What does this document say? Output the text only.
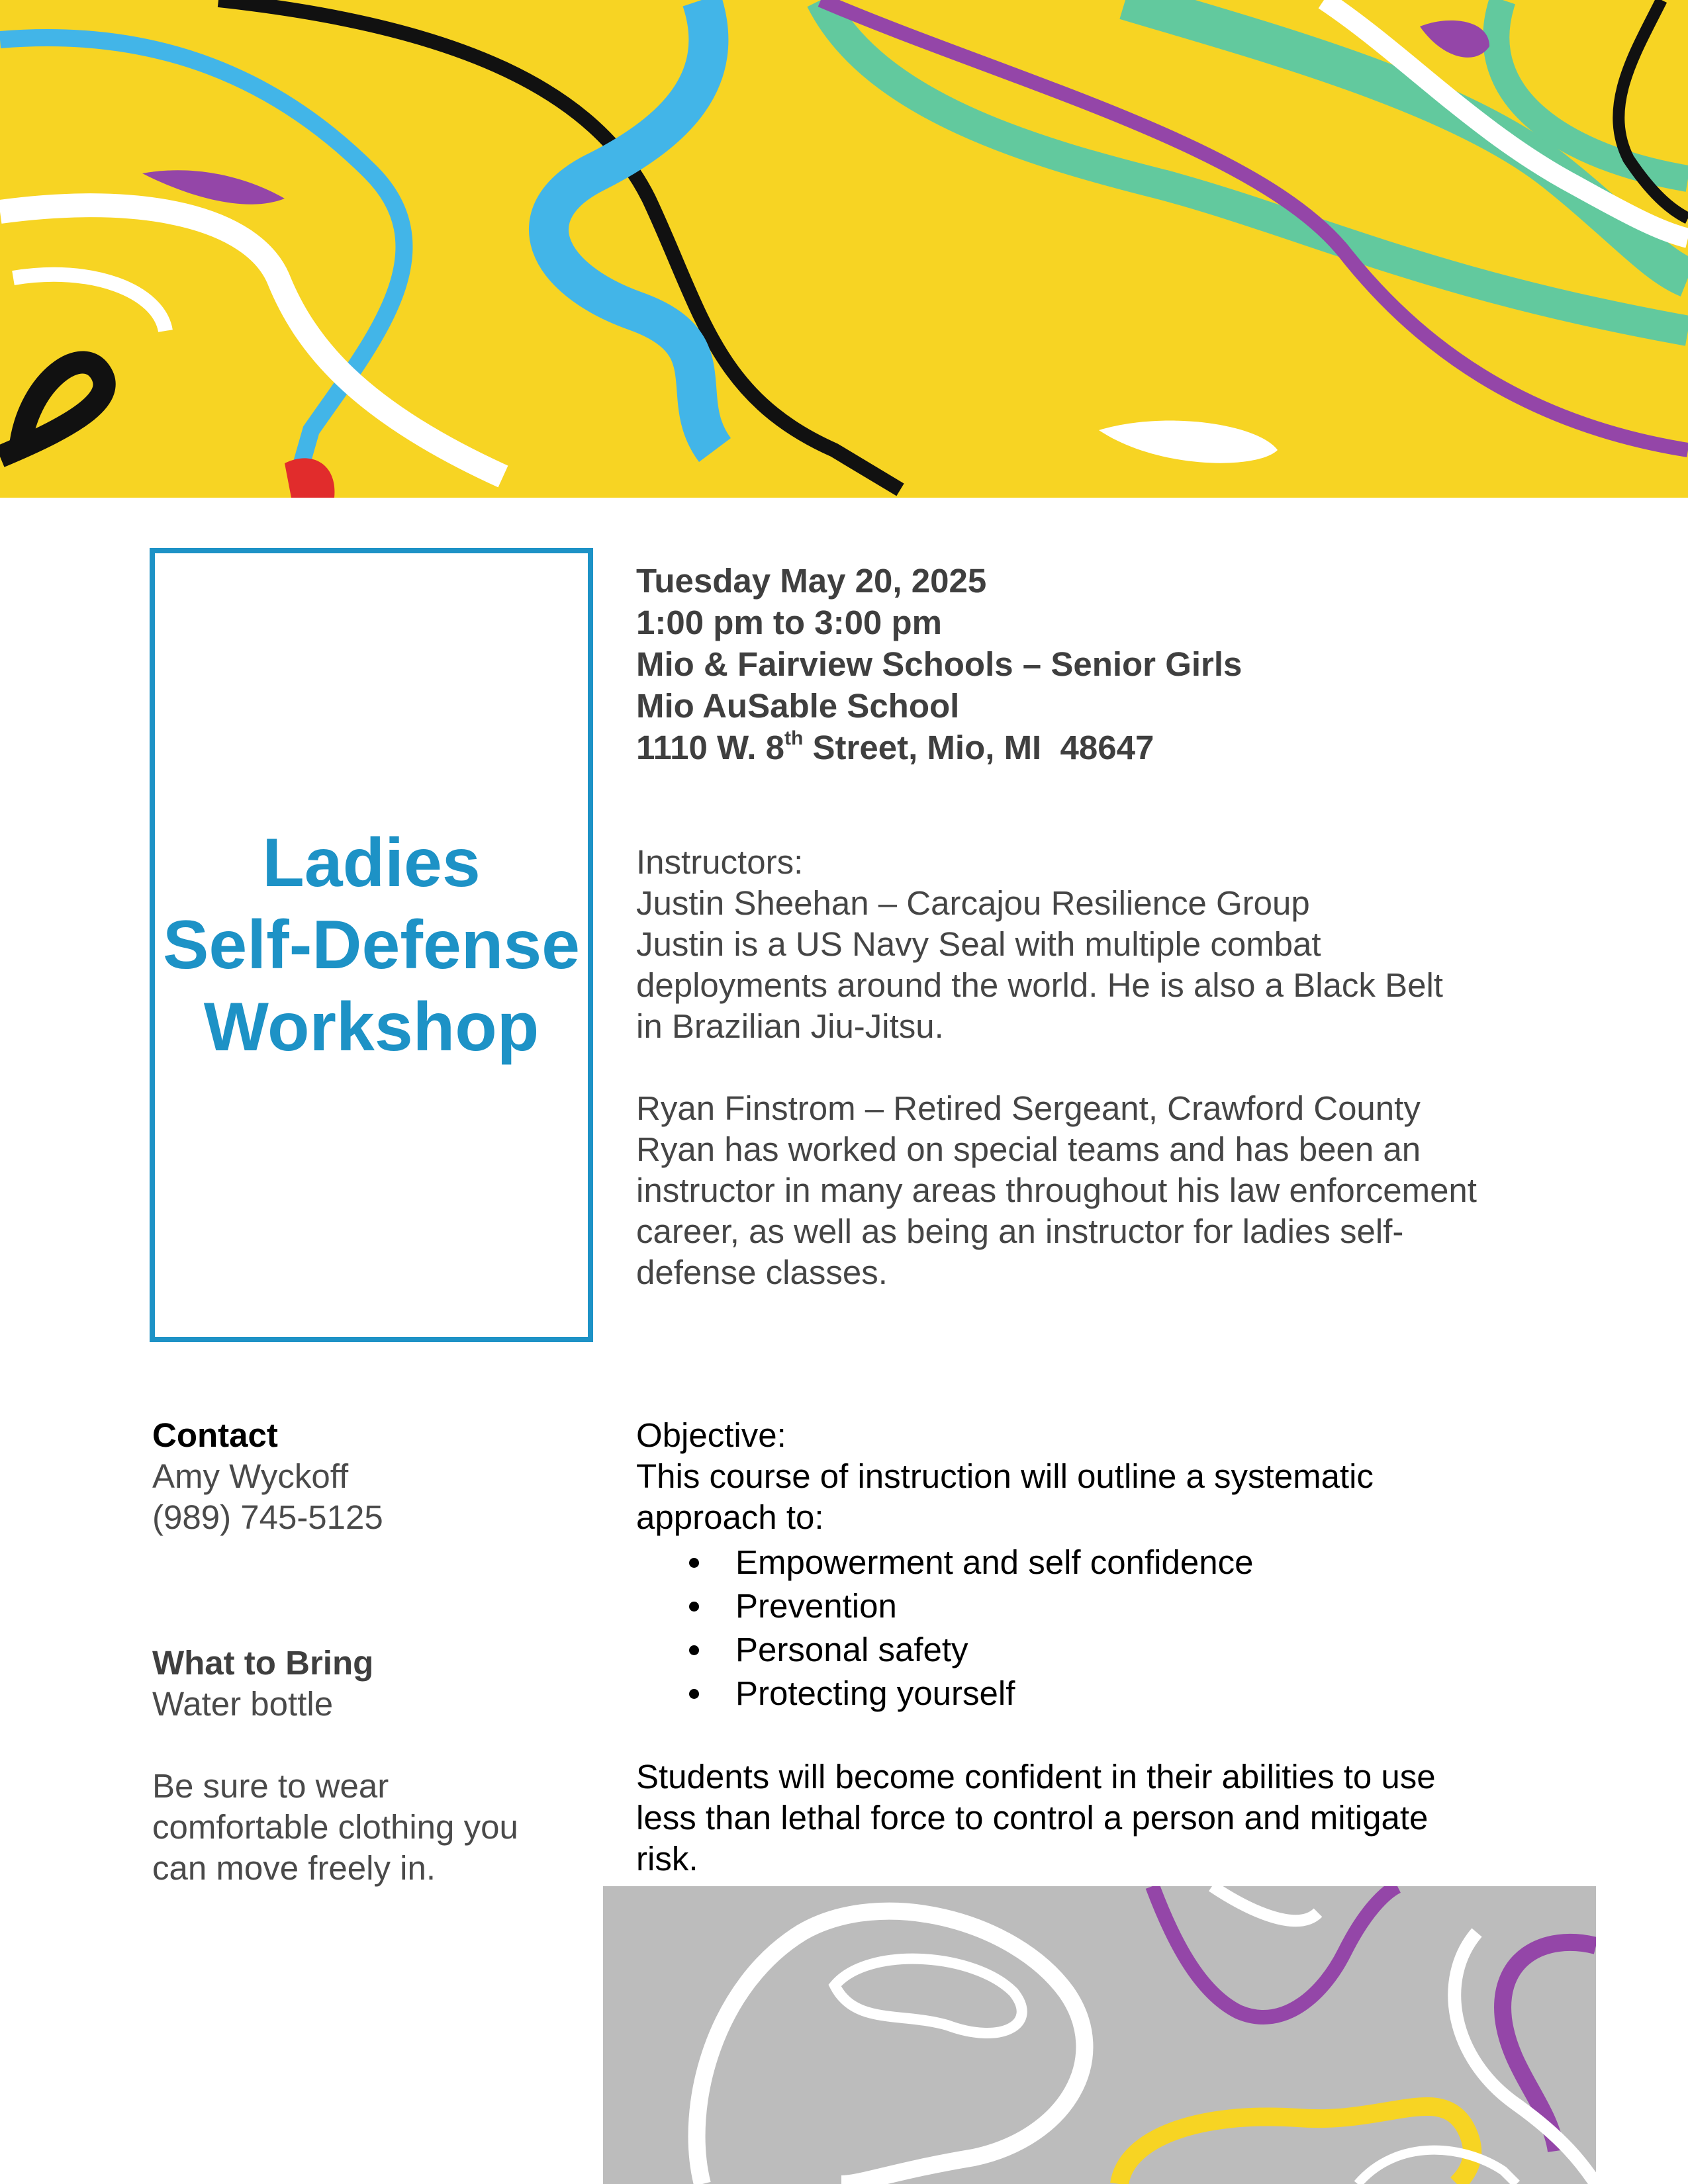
Ladies
Self-Defense
Workshop
Tuesday May 20, 2025
1:00 pm to 3:00 pm
Mio & Fairview Schools – Senior Girls
Mio AuSable School
1110 W. 8th Street, Mio, MI  48647

Instructors:

Justin Sheehan – Carcajou Resilience Group

Justin is a US Navy Seal with multiple combat

deployments around the world. He is also a Black Belt

in Brazilian Jiu-Jitsu.

Ryan Finstrom – Retired Sergeant, Crawford County

Ryan has worked on special teams and has been an

instructor in many areas throughout his law enforcement

career, as well as being an instructor for ladies self-

defense classes.

Contact

Amy Wyckoff

(989) 745-5125

What to Bring

Water bottle

Be sure to wear

comfortable clothing you

can move freely in.

Objective:

This course of instruction will outline a systematic

approach to:

Empowerment and self confidence
Prevention
Personal safety
Protecting yourself

Students will become confident in their abilities to use

less than lethal force to control a person and mitigate

risk.
